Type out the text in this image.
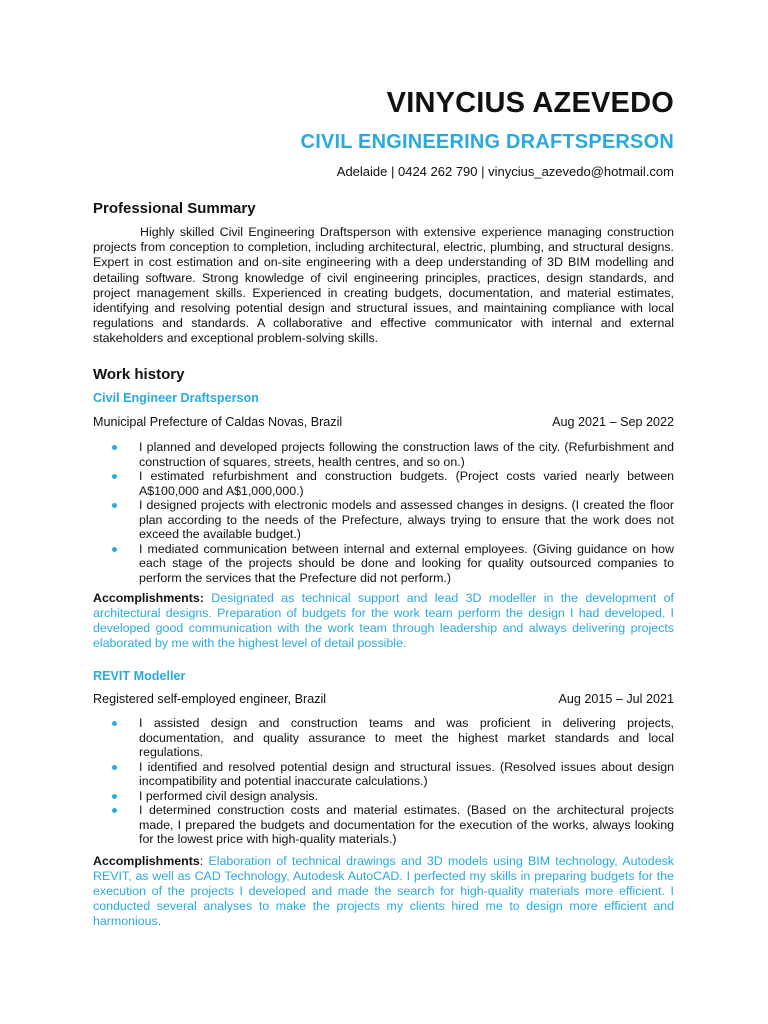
VINYCIUS AZEVEDO
CIVIL ENGINEERING DRAFTSPERSON

Adelaide | 0424 262 790 | vinycius_azevedo@hotmail.com

Professional Summary

Highly skilled Civil Engineering Draftsperson with extensive experience managing construction projects from conception to completion, including architectural, electric, plumbing, and structural designs. Expert in cost estimation and on-site engineering with a deep understanding of 3D BIM modelling and detailing software. Strong knowledge of civil engineering principles, practices, design standards, and project management skills. Experienced in creating budgets, documentation, and material estimates, identifying and resolving potential design and structural issues, and maintaining compliance with local regulations and standards. A collaborative and effective communicator with internal and external stakeholders and exceptional problem-solving skills.

Work history
Civil Engineer Draftsperson
Municipal Prefecture of Caldas Novas, Brazil	Aug 2021 – Sep 2022
I planned and developed projects following the construction laws of the city. (Refurbishment and construction of squares, streets, health centres, and so on.)
I estimated refurbishment and construction budgets. (Project costs varied nearly between A$100,000 and A$1,000,000.)
I designed projects with electronic models and assessed changes in designs. (I created the floor plan according to the needs of the Prefecture, always trying to ensure that the work does not exceed the available budget.)
I mediated communication between internal and external employees. (Giving guidance on how each stage of the projects should be done and looking for quality outsourced companies to perform the services that the Prefecture did not perform.)

Accomplishments: Designated as technical support and lead 3D modeller in the development of architectural designs. Preparation of budgets for the work team perform the design I had developed. I developed good communication with the work team through leadership and always delivering projects elaborated by me with the highest level of detail possible.

REVIT Modeller
Registered self-employed engineer, Brazil	Aug 2015 – Jul 2021
I assisted design and construction teams and was proficient in delivering projects, documentation, and quality assurance to meet the highest market standards and local regulations.
I identified and resolved potential design and structural issues. (Resolved issues about design incompatibility and potential inaccurate calculations.)
I performed civil design analysis.
I determined construction costs and material estimates. (Based on the architectural projects made, I prepared the budgets and documentation for the execution of the works, always looking for the lowest price with high-quality materials.)

Accomplishments: Elaboration of technical drawings and 3D models using BIM technology, Autodesk REVIT, as well as CAD Technology, Autodesk AutoCAD. I perfected my skills in preparing budgets for the execution of the projects I developed and made the search for high-quality materials more efficient. I conducted several analyses to make the projects my clients hired me to design more efficient and harmonious.
